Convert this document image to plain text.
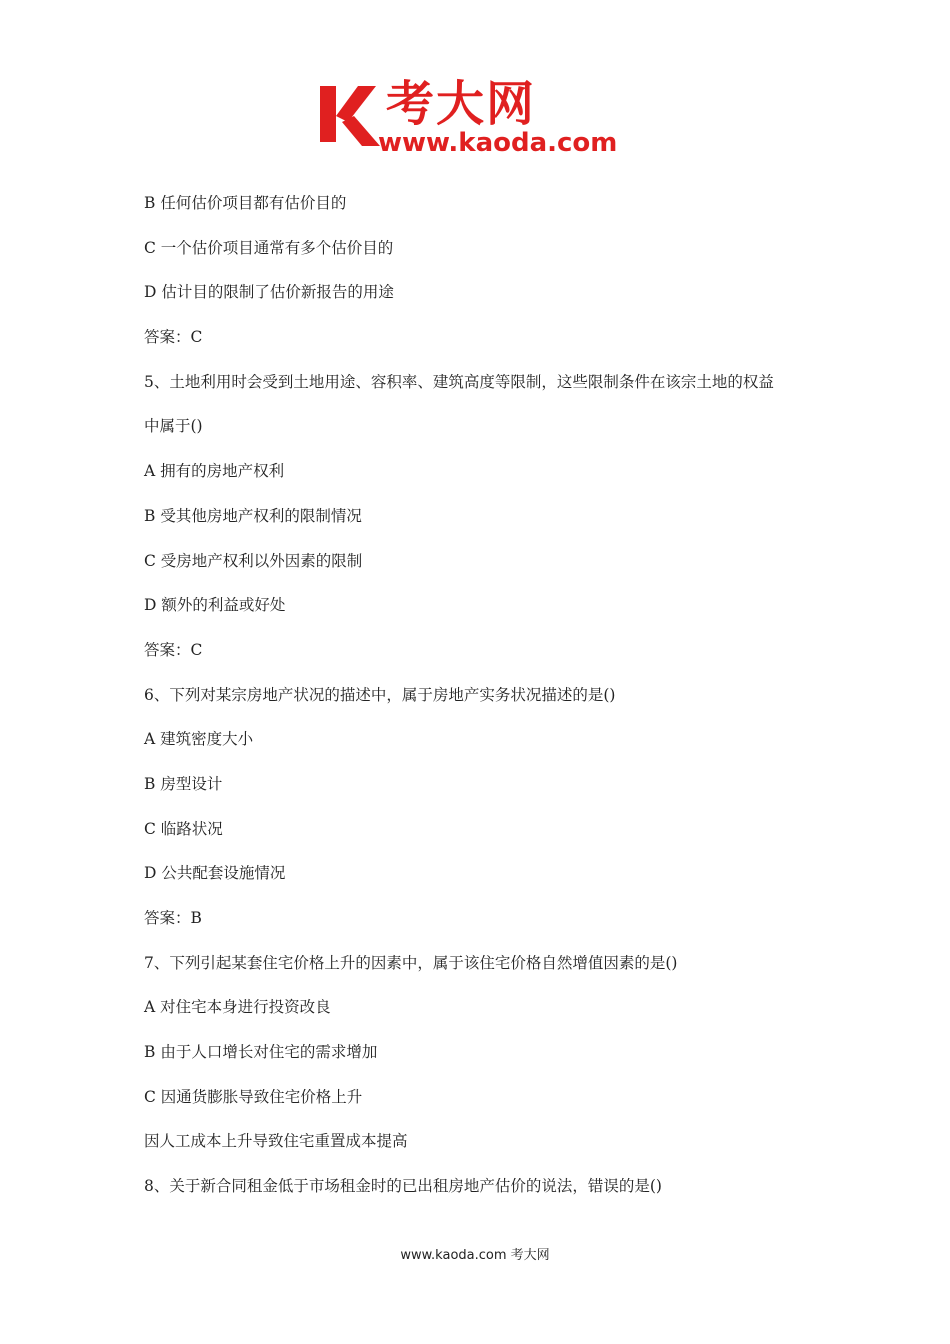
考大网
www.kaoda.com
B 任何估价项目都有估价目的
C 一个估价项目通常有多个估价目的
D 估计目的限制了估价新报告的用途
答案：C
5、土地利用时会受到土地用途、容积率、建筑高度等限制，这些限制条件在该宗土地的权益
中属于()
A 拥有的房地产权利
B 受其他房地产权利的限制情况
C 受房地产权利以外因素的限制
D 额外的利益或好处
答案：C
6、下列对某宗房地产状况的描述中，属于房地产实务状况描述的是()
A 建筑密度大小
B 房型设计
C 临路状况
D 公共配套设施情况
答案：B
7、下列引起某套住宅价格上升的因素中，属于该住宅价格自然增值因素的是()
A 对住宅本身进行投资改良
B 由于人口增长对住宅的需求增加
C 因通货膨胀导致住宅价格上升
因人工成本上升导致住宅重置成本提高
8、关于新合同租金低于市场租金时的已出租房地产估价的说法，错误的是()
www.kaoda.com 考大网
